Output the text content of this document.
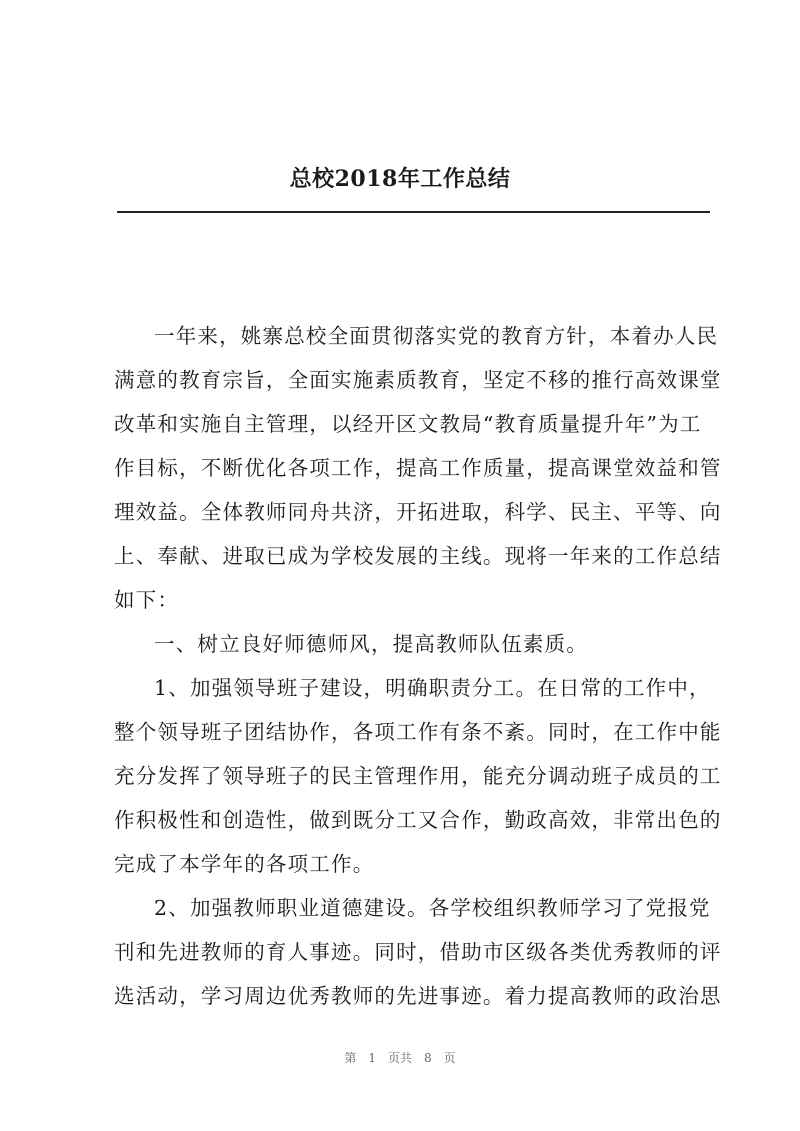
总校2018年工作总结
一年来，姚寨总校全面贯彻落实党的教育方针，本着办人民
满意的教育宗旨，全面实施素质教育，坚定不移的推行高效课堂
改革和实施自主管理，以经开区文教局“教育质量提升年”为工
作目标，不断优化各项工作，提高工作质量，提高课堂效益和管
理效益。全体教师同舟共济，开拓进取，科学、民主、平等、向
上、奉献、进取已成为学校发展的主线。现将一年来的工作总结
如下：
一、树立良好师德师风，提高教师队伍素质。
1、加强领导班子建设，明确职责分工。在日常的工作中，
整个领导班子团结协作，各项工作有条不紊。同时，在工作中能
充分发挥了领导班子的民主管理作用，能充分调动班子成员的工
作积极性和创造性，做到既分工又合作，勤政高效，非常出色的
完成了本学年的各项工作。
2、加强教师职业道德建设。各学校组织教师学习了党报党
刊和先进教师的育人事迹。同时，借助市区级各类优秀教师的评
选活动，学习周边优秀教师的先进事迹。着力提高教师的政治思
第 1 页共 8 页
